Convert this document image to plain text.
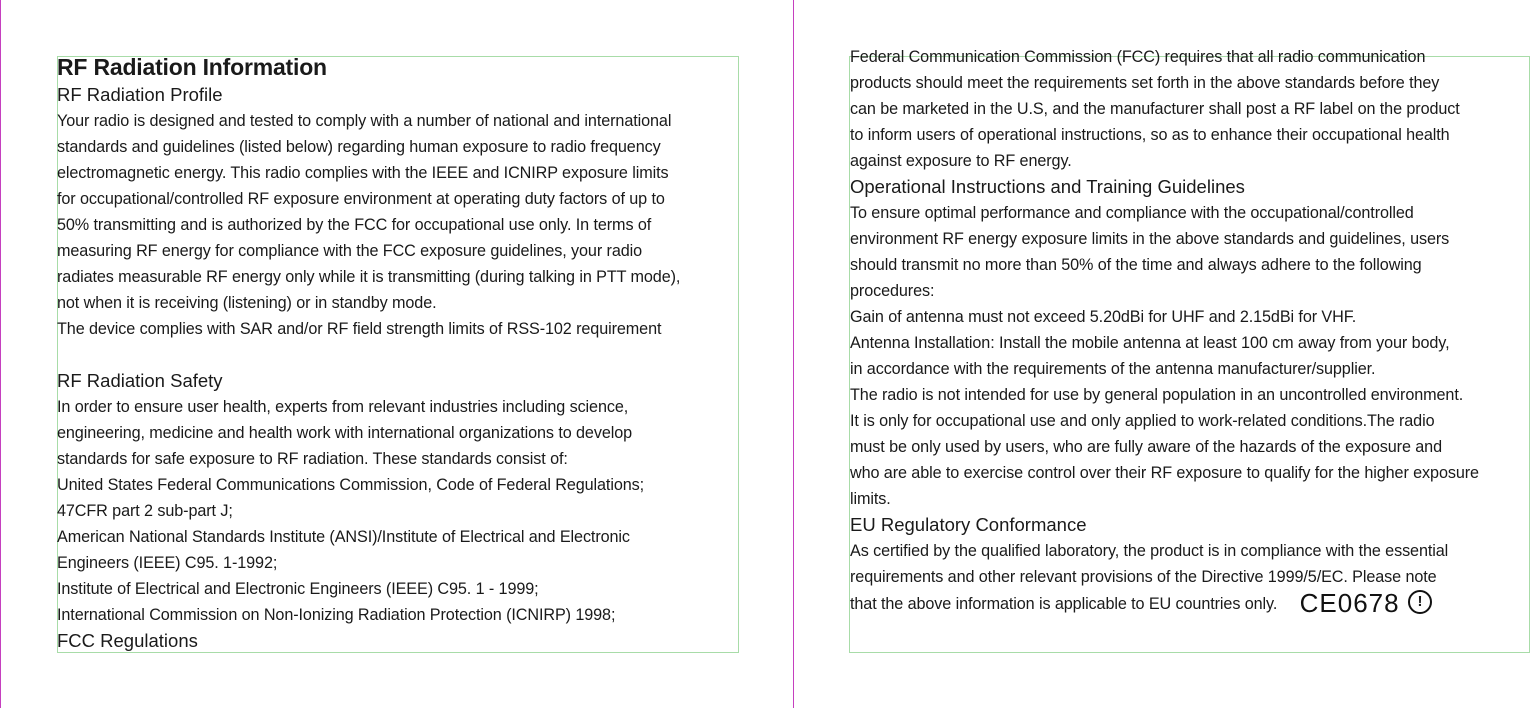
RF Radiation Information
RF Radiation Profile
Your radio is designed and tested to comply with a number of national and international
standards and guidelines (listed below) regarding human exposure to radio frequency
electromagnetic energy. This radio complies with the IEEE and ICNIRP exposure limits
for occupational/controlled RF exposure environment at operating duty factors of up to
50% transmitting and is authorized by the FCC for occupational use only. In terms of
measuring RF energy for compliance with the FCC exposure guidelines, your radio
radiates measurable RF energy only while it is transmitting (during talking in PTT mode),
not when it is receiving (listening) or in standby mode.
The device complies with SAR and/or RF field strength limits of RSS-102 requirement
RF Radiation Safety
In order to ensure user health, experts from relevant industries including science,
engineering, medicine and health work with international organizations to develop
standards for safe exposure to RF radiation. These standards consist of:
United States Federal Communications Commission, Code of Federal Regulations;
47CFR part 2 sub-part J;
American National Standards Institute (ANSI)/Institute of Electrical and Electronic
Engineers (IEEE) C95. 1-1992;
Institute of Electrical and Electronic Engineers (IEEE) C95. 1 - 1999;
International Commission on Non-Ionizing Radiation Protection (ICNIRP) 1998;
FCC Regulations
Federal Communication Commission (FCC) requires that all radio communication
products should meet the requirements set forth in the above standards before they
can be marketed in the U.S, and the manufacturer shall post a RF label on the product
to inform users of operational instructions, so as to enhance their occupational health
against exposure to RF energy.
Operational Instructions and Training Guidelines
To ensure optimal performance and compliance with the occupational/controlled
environment RF energy exposure limits in the above standards and guidelines, users
should transmit no more than 50% of the time and always adhere to the following
procedures:
Gain of antenna must not exceed 5.20dBi for UHF and 2.15dBi for VHF.
Antenna Installation: Install the mobile antenna at least 100 cm away from your body,
in accordance with the requirements of the antenna manufacturer/supplier.
The radio is not intended for use by general population in an uncontrolled environment.
It is only for occupational use and only applied to work-related conditions.The radio
must be only used by users, who are fully aware of the hazards of the exposure and
who are able to exercise control over their RF exposure to qualify for the higher exposure
limits.
EU Regulatory Conformance
As certified by the qualified laboratory, the product is in compliance with the essential
requirements and other relevant provisions of the Directive 1999/5/EC. Please note
that the above information is applicable to EU countries only. CE0678 !
